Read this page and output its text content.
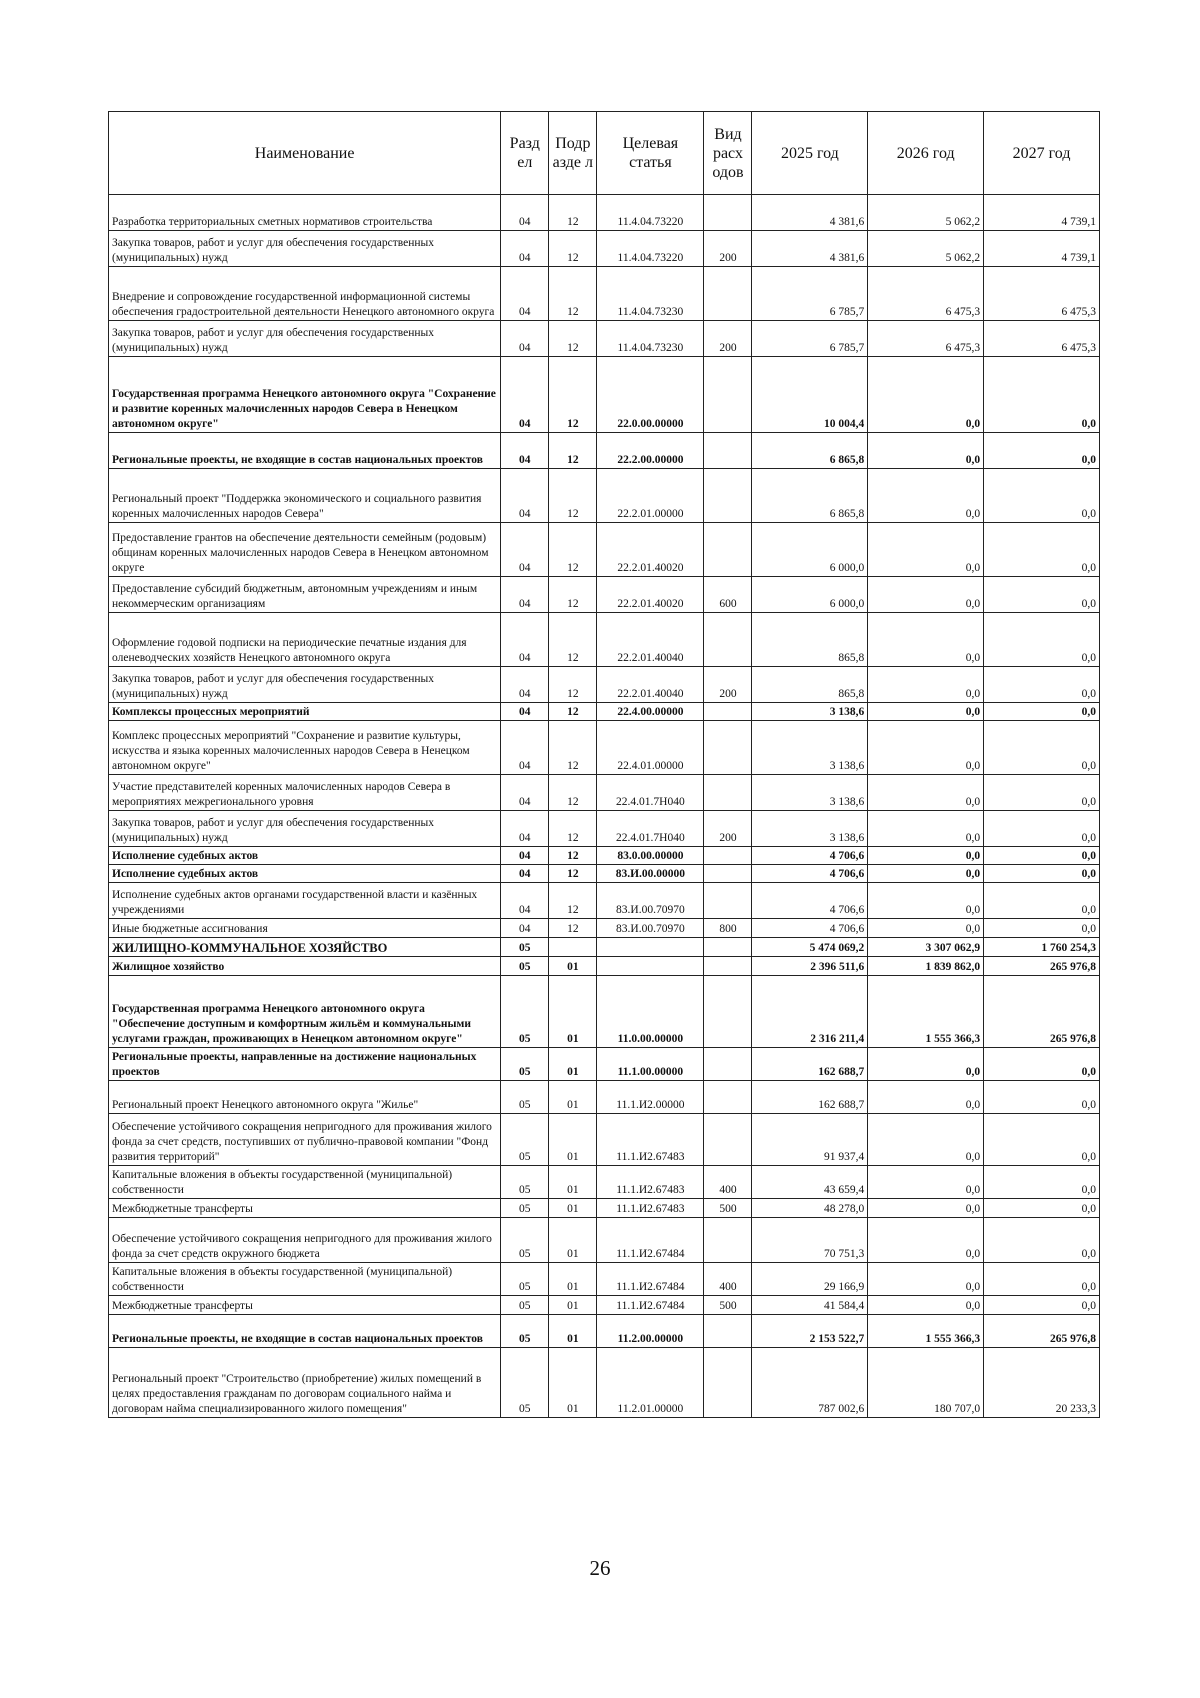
Наименование	Разд ел	Подр азде л	Целевая статья	Вид расх одов	2025 год	2026 год	2027 год
Разработка территориальных сметных нормативов строительства	04	12	11.4.04.73220		4 381,6	5 062,2	4 739,1
Закупка товаров, работ и услуг для обеспечения государственных (муниципальных) нужд	04	12	11.4.04.73220	200	4 381,6	5 062,2	4 739,1
Внедрение и сопровождение государственной информационной системы обеспечения градостроительной деятельности Ненецкого автономного округа	04	12	11.4.04.73230		6 785,7	6 475,3	6 475,3
Закупка товаров, работ и услуг для обеспечения государственных (муниципальных) нужд	04	12	11.4.04.73230	200	6 785,7	6 475,3	6 475,3
Государственная программа Ненецкого автономного округа "Сохранение и развитие коренных малочисленных народов Севера в Ненецком автономном округе"	04	12	22.0.00.00000		10 004,4	0,0	0,0
Региональные проекты, не входящие в состав национальных проектов	04	12	22.2.00.00000		6 865,8	0,0	0,0
Региональный проект "Поддержка экономического и социального развития коренных малочисленных народов Севера"	04	12	22.2.01.00000		6 865,8	0,0	0,0
Предоставление грантов на обеспечение деятельности семейным (родовым) общинам коренных малочисленных народов Севера в Ненецком автономном округе	04	12	22.2.01.40020		6 000,0	0,0	0,0
Предоставление субсидий бюджетным, автономным учреждениям и иным некоммерческим организациям	04	12	22.2.01.40020	600	6 000,0	0,0	0,0
Оформление годовой подписки на периодические печатные издания для оленеводческих хозяйств Ненецкого автономного округа	04	12	22.2.01.40040		865,8	0,0	0,0
Закупка товаров, работ и услуг для обеспечения государственных (муниципальных) нужд	04	12	22.2.01.40040	200	865,8	0,0	0,0
Комплексы процессных мероприятий	04	12	22.4.00.00000		3 138,6	0,0	0,0
Комплекс процессных мероприятий "Сохранение и развитие культуры, искусства и языка коренных малочисленных народов Севера в Ненецком автономном округе"	04	12	22.4.01.00000		3 138,6	0,0	0,0
Участие представителей коренных малочисленных народов Севера в мероприятиях межрегионального уровня	04	12	22.4.01.7Н040		3 138,6	0,0	0,0
Закупка товаров, работ и услуг для обеспечения государственных (муниципальных) нужд	04	12	22.4.01.7Н040	200	3 138,6	0,0	0,0
Исполнение судебных актов	04	12	83.0.00.00000		4 706,6	0,0	0,0
Исполнение судебных актов	04	12	83.И.00.00000		4 706,6	0,0	0,0
Исполнение судебных актов органами государственной власти и казённых учреждениями	04	12	83.И.00.70970		4 706,6	0,0	0,0
Иные бюджетные ассигнования	04	12	83.И.00.70970	800	4 706,6	0,0	0,0
ЖИЛИЩНО-КОММУНАЛЬНОЕ ХОЗЯЙСТВО	05				5 474 069,2	3 307 062,9	1 760 254,3
Жилищное хозяйство	05	01			2 396 511,6	1 839 862,0	265 976,8
Государственная программа Ненецкого автономного округа "Обеспечение доступным и комфортным жильём и коммунальными услугами граждан, проживающих в Ненецком автономном округе"	05	01	11.0.00.00000		2 316 211,4	1 555 366,3	265 976,8
Региональные проекты, направленные на достижение национальных проектов	05	01	11.1.00.00000		162 688,7	0,0	0,0
Региональный проект Ненецкого автономного округа "Жилье"	05	01	11.1.И2.00000		162 688,7	0,0	0,0
Обеспечение устойчивого сокращения непригодного для проживания жилого фонда за счет средств, поступивших от публично-правовой компании "Фонд развития территорий"	05	01	11.1.И2.67483		91 937,4	0,0	0,0
Капитальные вложения в объекты государственной (муниципальной) собственности	05	01	11.1.И2.67483	400	43 659,4	0,0	0,0
Межбюджетные трансферты	05	01	11.1.И2.67483	500	48 278,0	0,0	0,0
Обеспечение устойчивого сокращения непригодного для проживания жилого фонда за счет средств окружного бюджета	05	01	11.1.И2.67484		70 751,3	0,0	0,0
Капитальные вложения в объекты государственной (муниципальной) собственности	05	01	11.1.И2.67484	400	29 166,9	0,0	0,0
Межбюджетные трансферты	05	01	11.1.И2.67484	500	41 584,4	0,0	0,0
Региональные проекты, не входящие в состав национальных проектов	05	01	11.2.00.00000		2 153 522,7	1 555 366,3	265 976,8
Региональный проект "Строительство (приобретение) жилых помещений в целях предоставления гражданам по договорам социального найма и договорам найма специализированного жилого помещения"	05	01	11.2.01.00000		787 002,6	180 707,0	20 233,3
26
